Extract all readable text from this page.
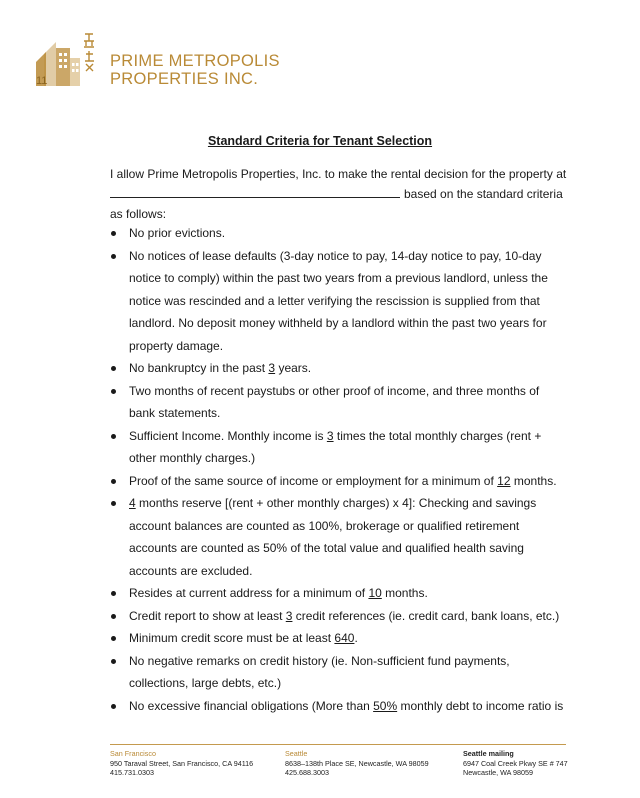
11
PRIME METROPOLIS
PROPERTIES INC.
Standard Criteria for Tenant Selection
I allow Prime Metropolis Properties, Inc. to make the rental decision for the property at
based on the standard criteria
as follows:
No prior evictions.
No notices of lease defaults (3-day notice to pay, 14-day notice to pay, 10-day notice to comply) within the past two years from a previous landlord, unless the notice was rescinded and a letter verifying the rescission is supplied from that landlord. No deposit money withheld by a landlord within the past two years for property damage.
No bankruptcy in the past 3 years.
Two months of recent paystubs or other proof of income, and three months of bank statements.
Sufficient Income. Monthly income is 3 times the total monthly charges (rent + other monthly charges.)
Proof of the same source of income or employment for a minimum of 12 months.
4 months reserve [(rent + other monthly charges) x 4]: Checking and savings account balances are counted as 100%, brokerage or qualified retirement accounts are counted as 50% of the total value and qualified health saving accounts are excluded.
Resides at current address for a minimum of 10 months.
Credit report to show at least 3 credit references (ie. credit card, bank loans, etc.)
Minimum credit score must be at least 640.
No negative remarks on credit history (ie. Non-sufficient fund payments, collections, large debts, etc.)
No excessive financial obligations (More than 50% monthly debt to income ratio is
San Francisco
950 Taraval Street, San Francisco, CA 94116
415.731.0303
Seattle
8638–138th Place SE, Newcastle, WA 98059
425.688.3003
Seattle mailing
6947 Coal Creek Pkwy SE # 747
Newcastle, WA 98059
